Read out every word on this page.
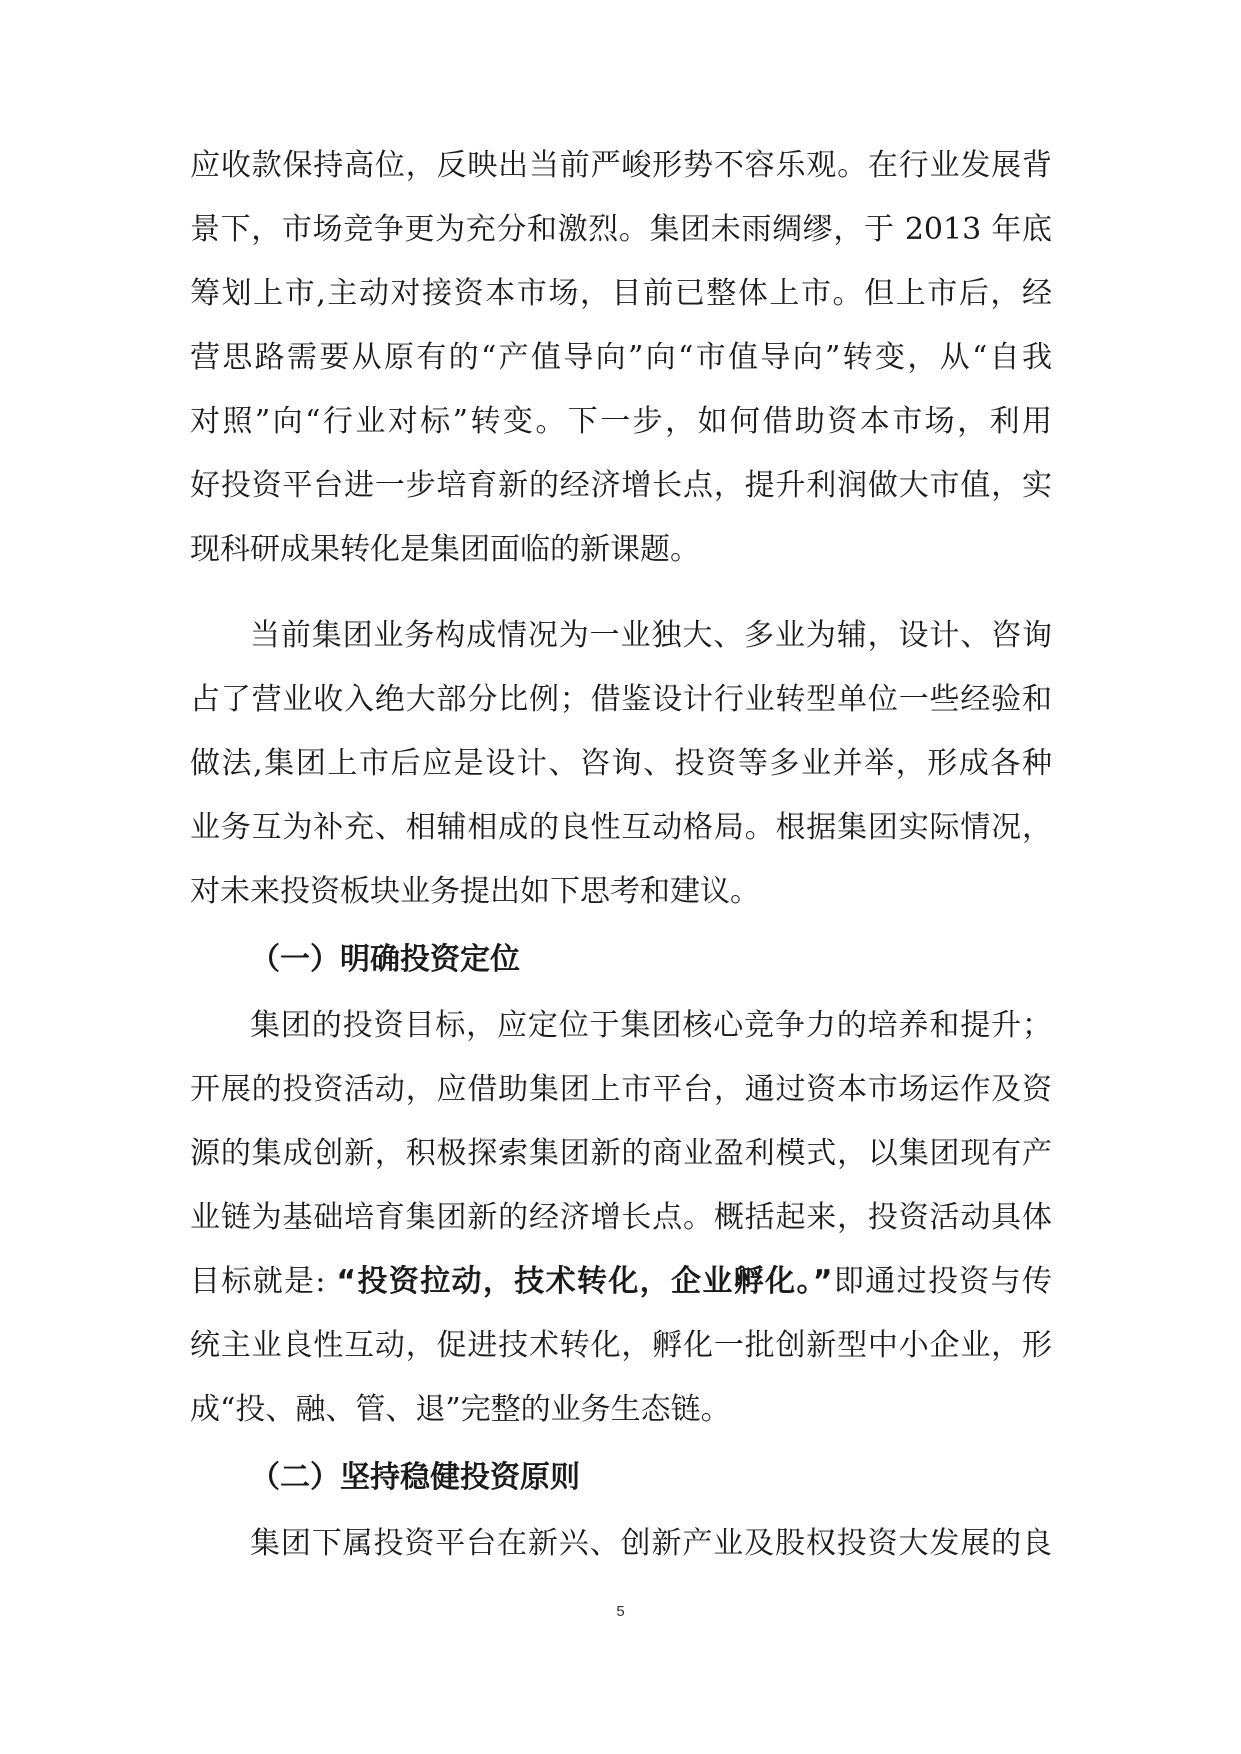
应收款保持高位，反映出当前严峻形势不容乐观。在行业发展背
景下，市场竞争更为充分和激烈。集团未雨绸缪，于 2013 年底
筹划上市,主动对接资本市场，目前已整体上市。但上市后，经
营思路需要从原有的“产值导向”向“市值导向”转变，从“自我
对照”向“行业对标”转变。下一步，如何借助资本市场，利用
好投资平台进一步培育新的经济增长点，提升利润做大市值，实
现科研成果转化是集团面临的新课题。
当前集团业务构成情况为一业独大、多业为辅，设计、咨询
占了营业收入绝大部分比例；借鉴设计行业转型单位一些经验和
做法,集团上市后应是设计、咨询、投资等多业并举，形成各种
业务互为补充、相辅相成的良性互动格局。根据集团实际情况，
对未来投资板块业务提出如下思考和建议。
（一）明确投资定位
集团的投资目标，应定位于集团核心竞争力的培养和提升；
开展的投资活动，应借助集团上市平台，通过资本市场运作及资
源的集成创新，积极探索集团新的商业盈利模式，以集团现有产
业链为基础培育集团新的经济增长点。概括起来，投资活动具体
目标就是: “投资拉动，技术转化，企业孵化。”即通过投资与传
统主业良性互动，促进技术转化，孵化一批创新型中小企业，形
成“投、融、管、退”完整的业务生态链。
（二）坚持稳健投资原则
集团下属投资平台在新兴、创新产业及股权投资大发展的良
5
